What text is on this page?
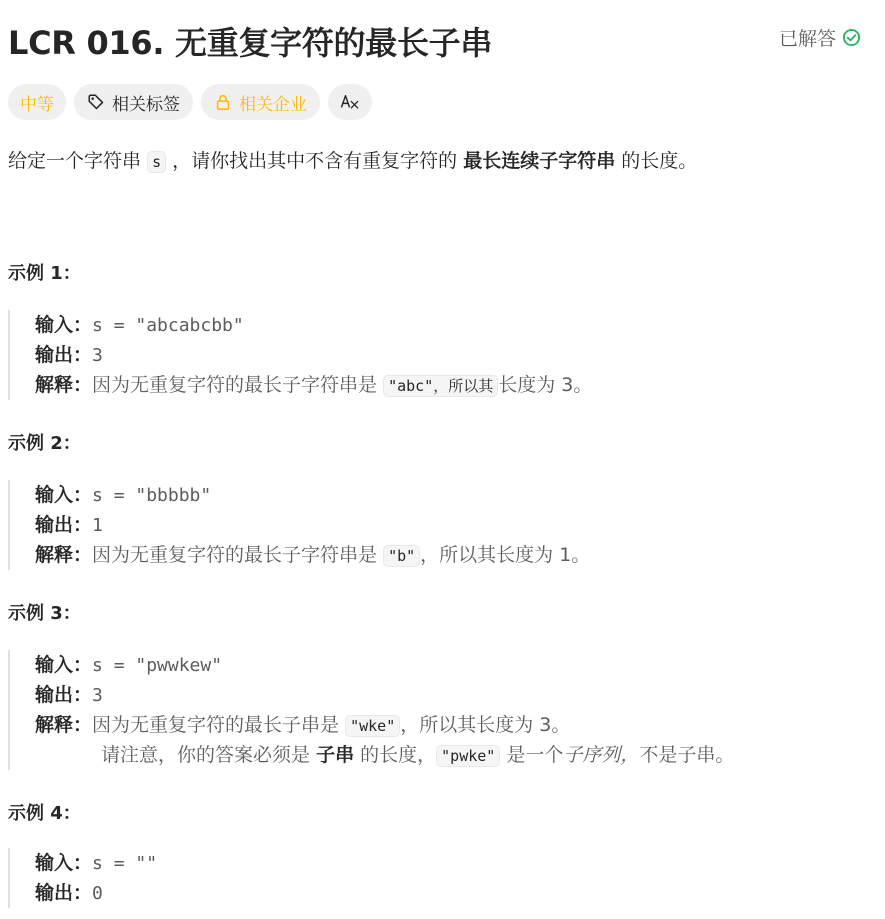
LCR 016. 无重复字符的最长子串	已解答
中等	相关标签	相关企业
给定一个字符串 s ，请你找出其中不含有重复字符的 最长连续子字符串 的长度。
示例 1：
输入：s = "abcabcbb"
输出：3
解释：因为无重复字符的最长子字符串是 "abc"，所以其 长度为 3。
示例 2：
输入：s = "bbbbb"
输出：1
解释：因为无重复字符的最长子字符串是 "b" ，所以其长度为 1。
示例 3：
输入：s = "pwwkew"
输出：3
解释：因为无重复字符的最长子串是 "wke" ，所以其长度为 3。
请注意，你的答案必须是 子串 的长度， "pwke" 是一个子序列，不是子串。
示例 4：
输入：s = ""
输出：0
